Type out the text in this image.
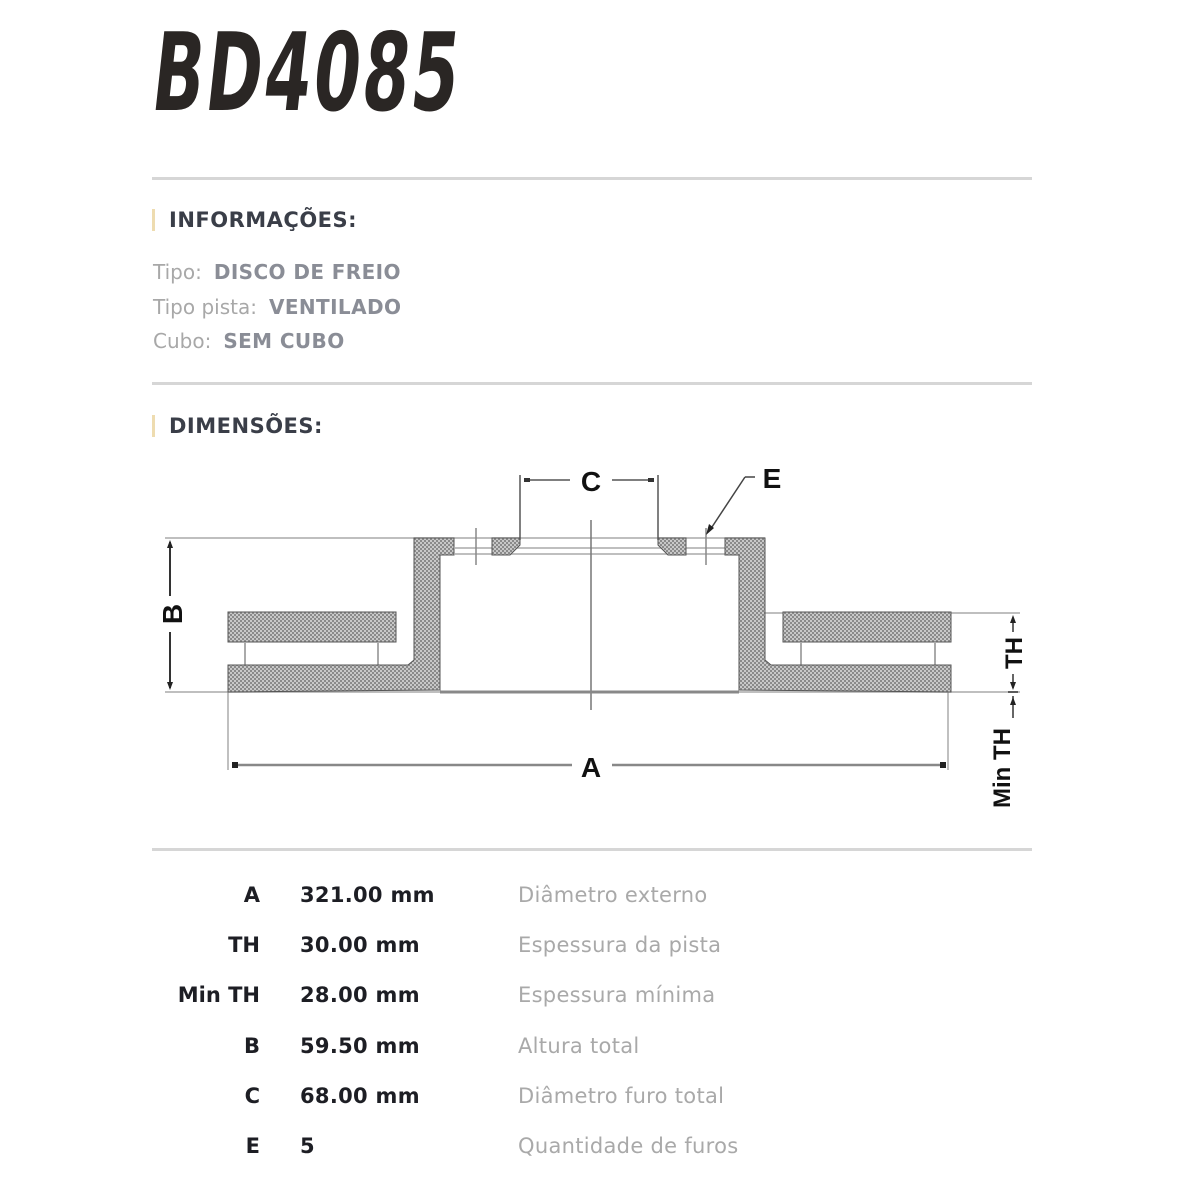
BD4085
INFORMAÇÕES:
Tipo: DISCO DE FREIO
Tipo pista: VENTILADO
Cubo: SEM CUBO
DIMENSÕES:
C	E
B
A
TH
Min TH
A 321.00 mm	Diâmetro externo
TH 30.00 mm	Espessura da pista
Min TH 28.00 mm	Espessura mínima
B 59.50 mm	Altura total
C 68.00 mm	Diâmetro furo total
E 5	Quantidade de furos
